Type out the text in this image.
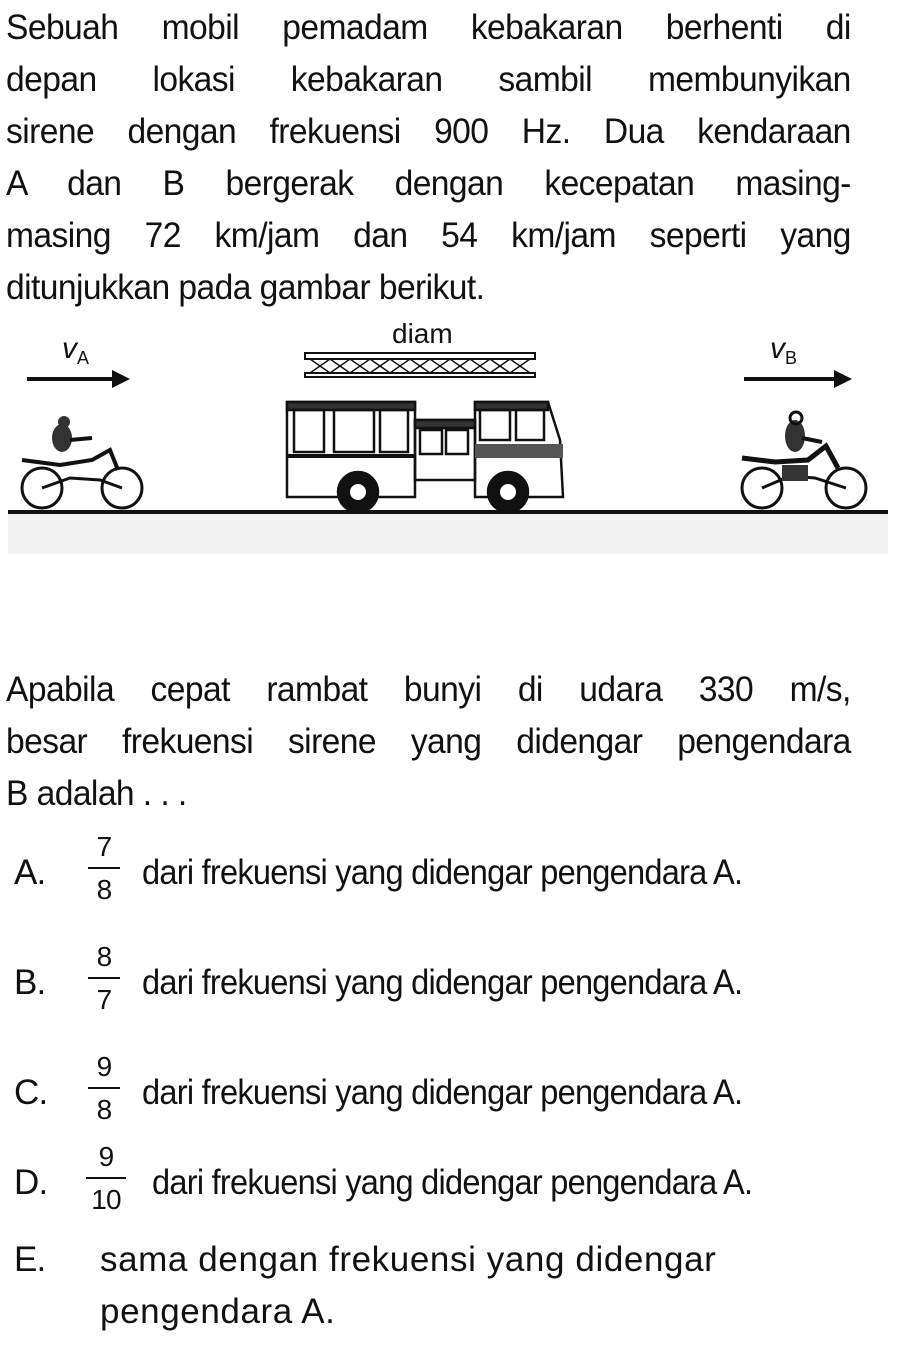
Sebuah mobil pemadam kebakaran berhenti di
depan lokasi kebakaran sambil membunyikan
sirene dengan frekuensi 900 Hz. Dua kendaraan
A dan B bergerak dengan kecepatan masing-
masing 72 km/jam dan 54 km/jam seperti yang
ditunjukkan pada gambar berikut.
$v_A$
diam	$v_B$
Apabila cepat rambat bunyi di udara 330 m/s,
besar frekuensi sirene yang didengar pengendara
B adalah . . .
A.
7
8 dari frekuensi yang didengar pengendara A.
B.
8
7 dari frekuensi yang didengar pengendara A.
C.
9
8 dari frekuensi yang didengar pengendara A.
D.
9
10 dari frekuensi yang didengar pengendara A.
E. sama dengan frekuensi yang didengar pengendara A.
